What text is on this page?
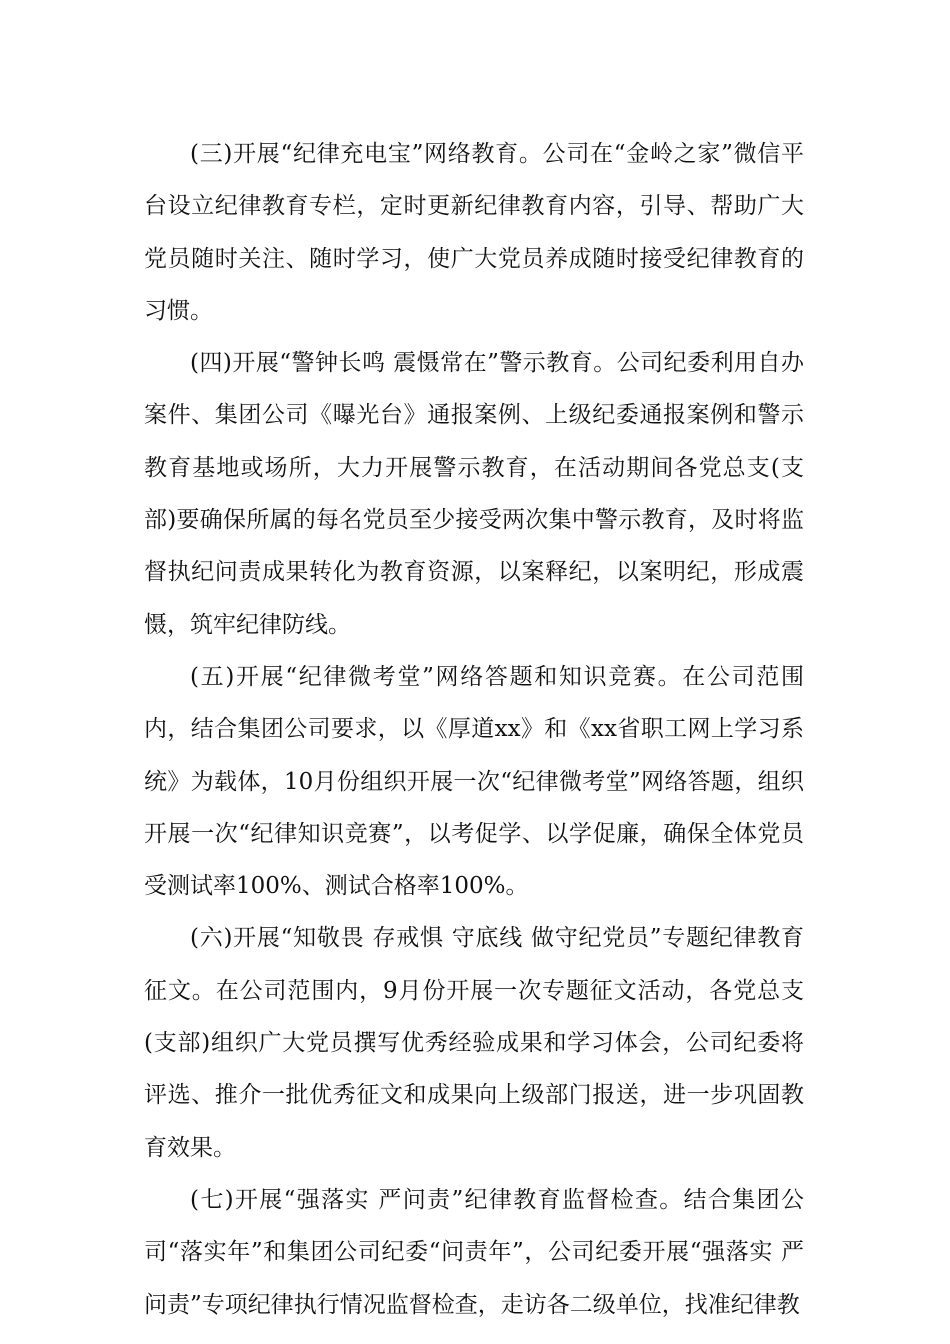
(三)开展“纪律充电宝”网络教育。公司在“金岭之家”微信平台设立纪律教育专栏，定时更新纪律教育内容，引导、帮助广大党员随时关注、随时学习，使广大党员养成随时接受纪律教育的习惯。

(四)开展“警钟长鸣 震慑常在”警示教育。公司纪委利用自办案件、集团公司《曝光台》通报案例、上级纪委通报案例和警示教育基地或场所，大力开展警示教育，在活动期间各党总支(支部)要确保所属的每名党员至少接受两次集中警示教育，及时将监督执纪问责成果转化为教育资源，以案释纪，以案明纪，形成震慑，筑牢纪律防线。

(五)开展“纪律微考堂”网络答题和知识竞赛。在公司范围内，结合集团公司要求，以《厚道xx》和《xx省职工网上学习系统》为载体，10月份组织开展一次“纪律微考堂”网络答题，组织开展一次“纪律知识竞赛”，以考促学、以学促廉，确保全体党员受测试率100%、测试合格率100%。

(六)开展“知敬畏 存戒惧 守底线 做守纪党员”专题纪律教育征文。在公司范围内，9月份开展一次专题征文活动，各党总支(支部)组织广大党员撰写优秀经验成果和学习体会，公司纪委将评选、推介一批优秀征文和成果向上级部门报送，进一步巩固教育效果。

(七)开展“强落实 严问责”纪律教育监督检查。结合集团公司“落实年”和集团公司纪委“问责年”，公司纪委开展“强落实 严问责”专项纪律执行情况监督检查，走访各二级单位，找准纪律教
